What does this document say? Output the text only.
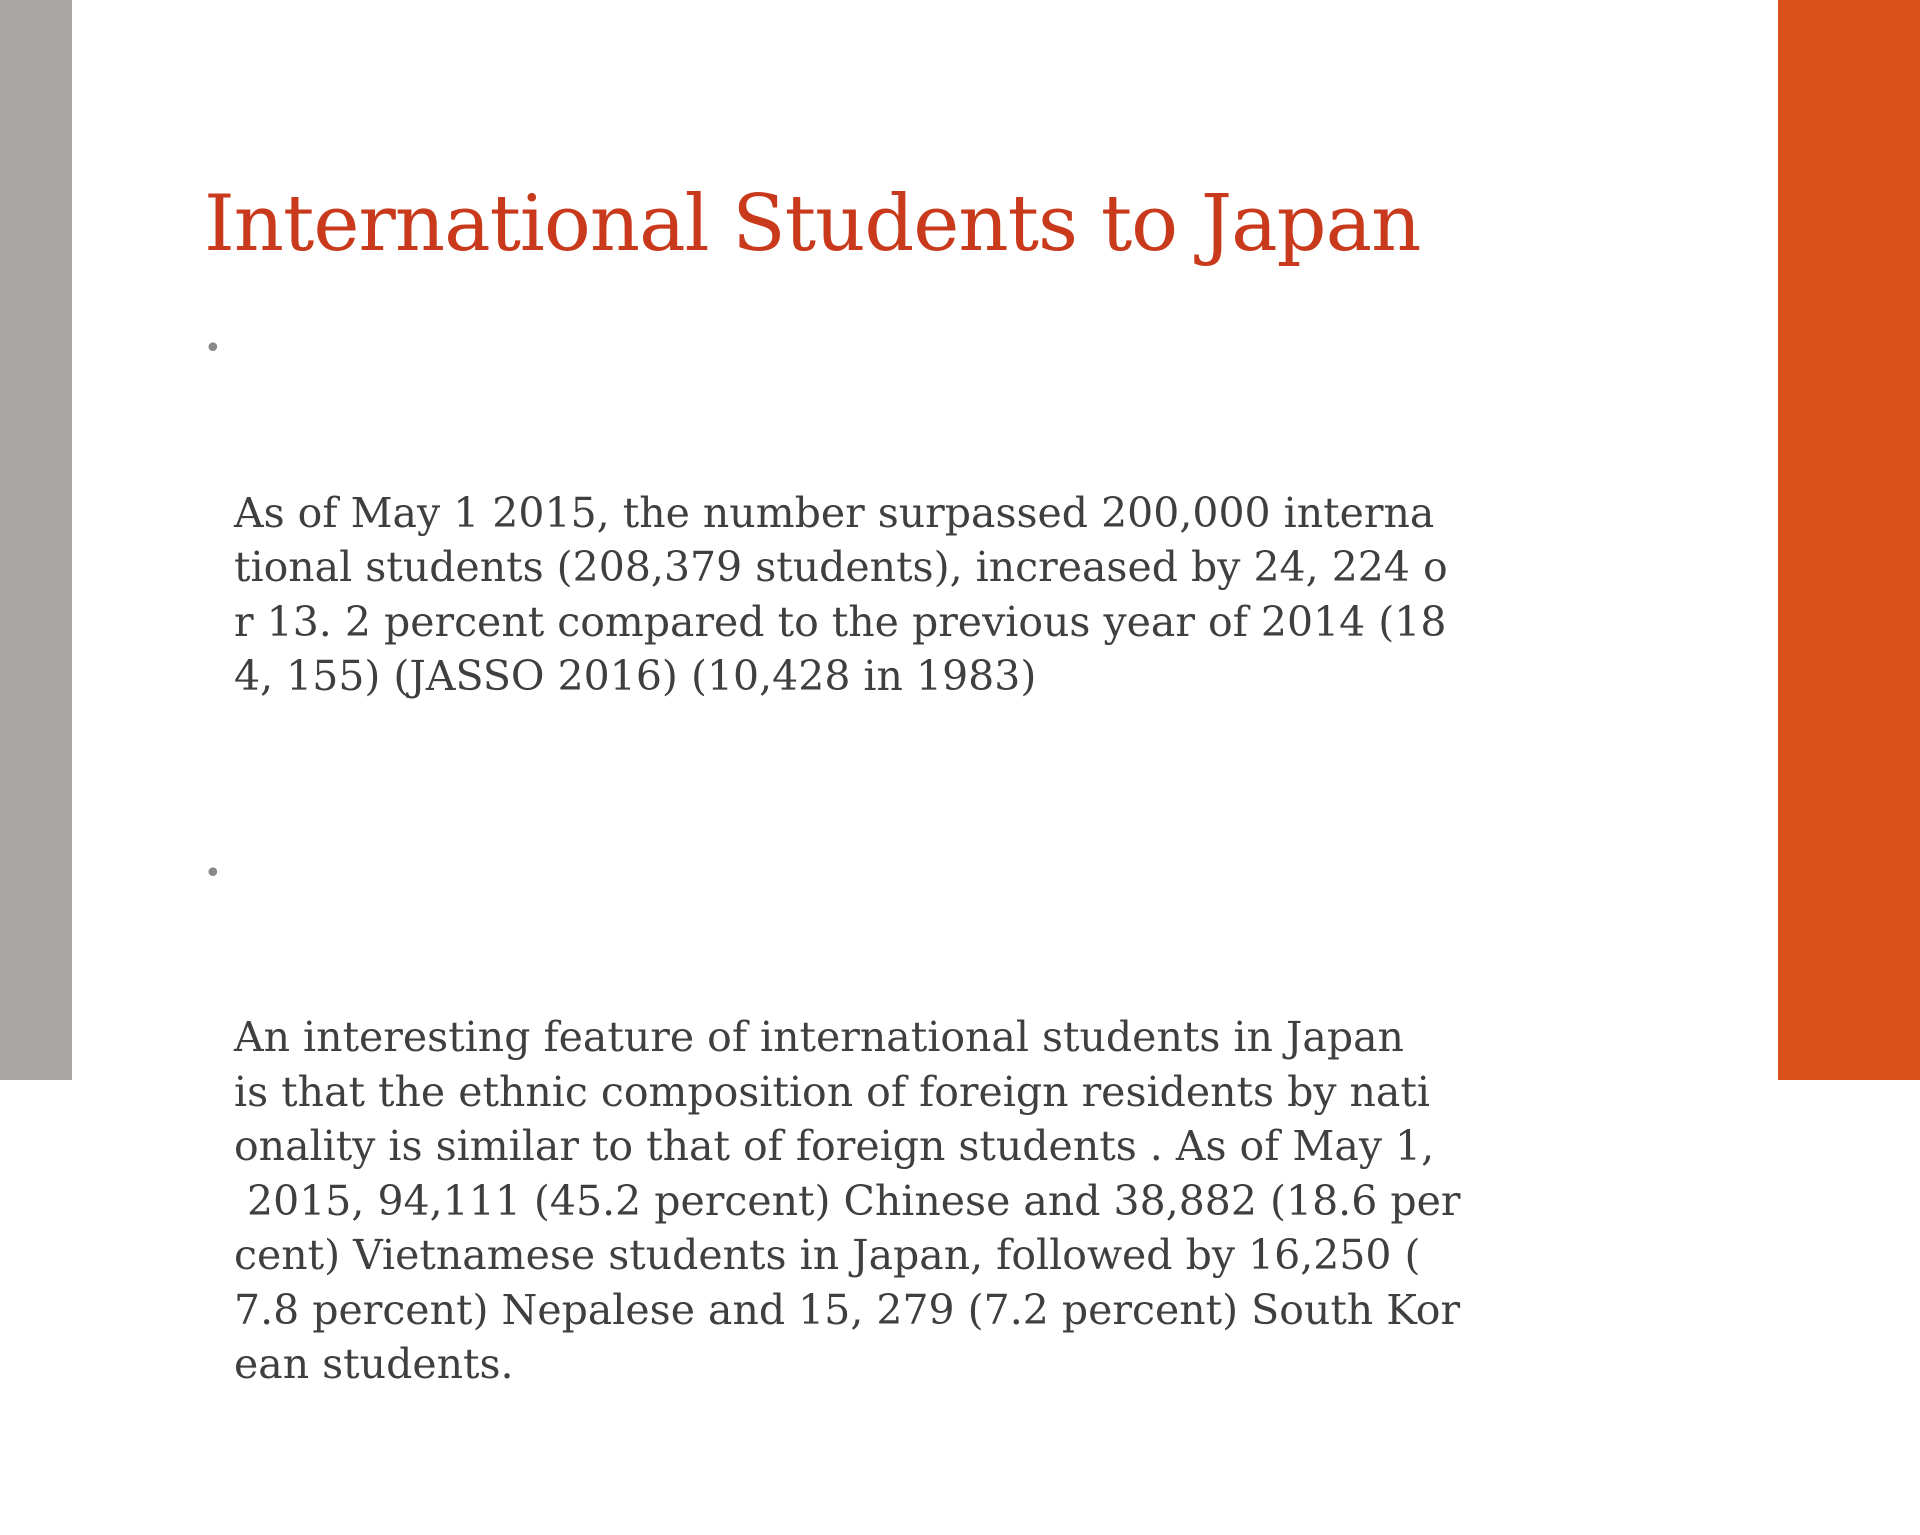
International Students to Japan

•

As of May 1 2015, the number surpassed 200,000 interna
tional students (208,379 students), increased by 24, 224 o
r 13. 2 percent compared to the previous year of 2014 (18
4, 155) (JASSO 2016) (10,428 in 1983)

•

An interesting feature of international students in Japan
is that the ethnic composition of foreign residents by nati
onality is similar to that of foreign students . As of May 1,
2015, 94,111 (45.2 percent) Chinese and 38,882 (18.6 per
cent) Vietnamese students in Japan, followed by 16,250 (
7.8 percent) Nepalese and 15, 279 (7.2 percent) South Kor
ean students.
